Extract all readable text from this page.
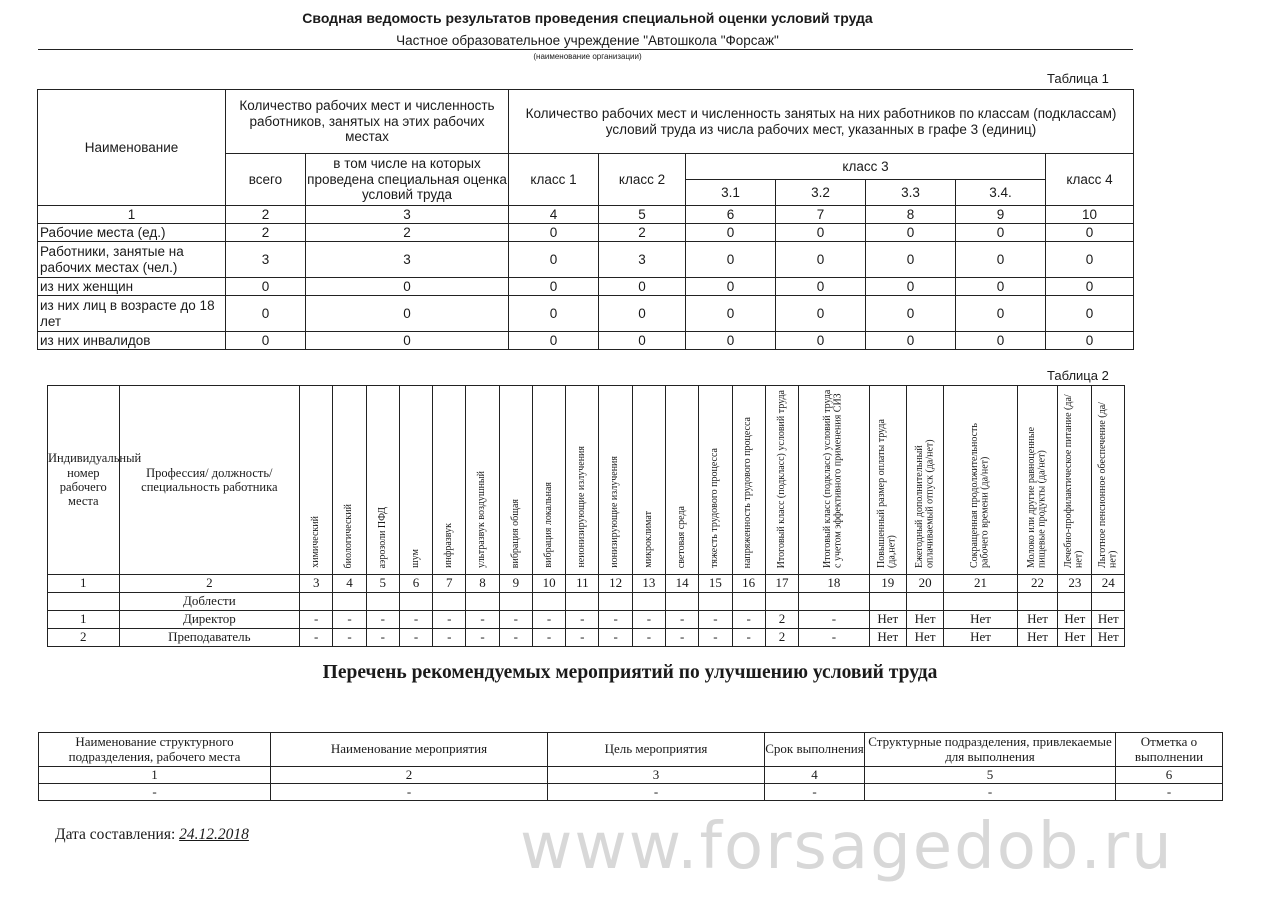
www.forsagedob.ru
Сводная ведомость результатов проведения специальной оценки условий труда
Частное образовательное учреждение "Автошкола "Форсаж"
(наименование организации)
Таблица 1
Наименование	Количество рабочих мест и численность работников, занятых на этих рабочих местах		Количество рабочих мест и численность занятых на них работников по классам (подклассам) условий труда из числа рабочих мест, указанных в графе 3 (единиц)						
	всего	в том числе на которых проведена специальная оценка условий труда	класс 1	класс 2	класс 3				класс 4
					3.1	3.2	3.3	3.4.	
1	2	3	4	5	6	7	8	9	10
Рабочие места (ед.)	2	2	0	2	0	0	0	0	0
Работники, занятые на рабочих местах (чел.)	3	3	0	3	0	0	0	0	0
из них женщин	0	0	0	0	0	0	0	0	0
из них лиц в возрасте до 18 лет	0	0	0	0	0	0	0	0	0
из них инвалидов	0	0	0	0	0	0	0	0	0
Таблица 2
Индивидуальный номер рабочего места	Профессия/ должность/ специальность работника	химический	биологический	аэрозоли ПФД	шум	инфразвук	ультразвук воздушный	вибрация общая	вибрация локальная	неионизирующие излучения	ионизирующие излучения	микроклимат	световая среда	тяжесть трудового процесса	напряженность трудового процесса	Итоговый класс (подкласс) условий труда	Итоговый класс (подкласс) условий труда с учетом эффективного применения СИЗ	Повышенный размер оплаты труда (да,нет)	Ежегодный дополнительный оплачиваемый отпуск (да/нет)	Сокращенная продолжительность рабочего времени (да/нет)	Молоко или другие равноценные пищевые продукты (да/нет)	Лечебно-профилактическое питание (да/нет)	Льготное пенсионное обеспечение (да/нет)
1	2	3	4	5	6	7	8	9	10	11	12	13	14	15	16	17	18	19	20	21	22	23	24
	Доблести																						
1	Директор	-	-	-	-	-	-	-	-	-	-	-	-	-	-	2	-	Нет	Нет	Нет	Нет	Нет	Нет
2	Преподаватель	-	-	-	-	-	-	-	-	-	-	-	-	-	-	2	-	Нет	Нет	Нет	Нет	Нет	Нет
Перечень рекомендуемых мероприятий по улучшению условий труда
Наименование структурного подразделения, рабочего места	Наименование мероприятия	Цель мероприятия	Срок выполнения	Структурные подразделения, привлекаемые для выполнения	Отметка о выполнении
1	2	3	4	5	6
-	-	-	-	-	-
Дата составления: 24.12.2018
